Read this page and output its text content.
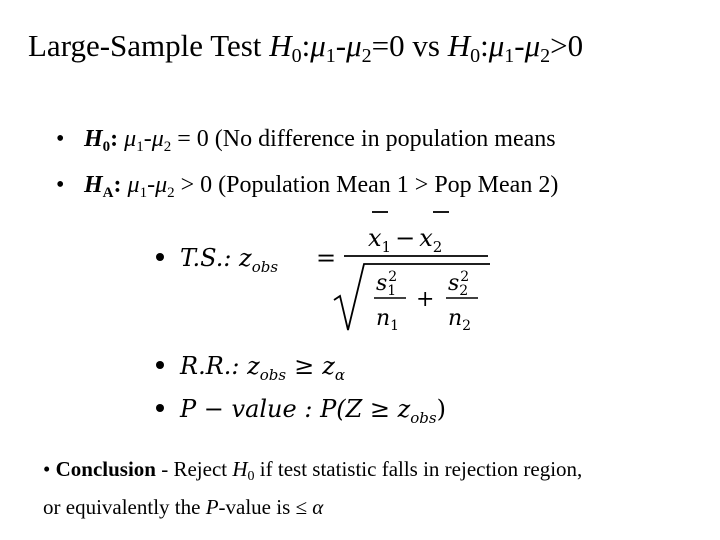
Large-Sample Test $H_0:\mu_1-\mu_2=0$ vs $H_0:\mu_1-\mu_2>0$
• $H_0$: $\mu_1-\mu_2 = 0$ (No difference in population means
• $H_A$: $\mu_1-\mu_2 > 0$ (Population Mean 1 > Pop Mean 2)
T.S.: $z_{obs}$ =
$x_1 - x_2$
$s_12$
$n_1$
+
$s_22$
$n_2$
R.R.: $z_{obs} \ge z_\alpha$
P − value : $P(Z \ge z_{obs})$
• Conclusion - Reject $H_0$ if test statistic falls in rejection region,
or equivalently the P-value is ≤ α
